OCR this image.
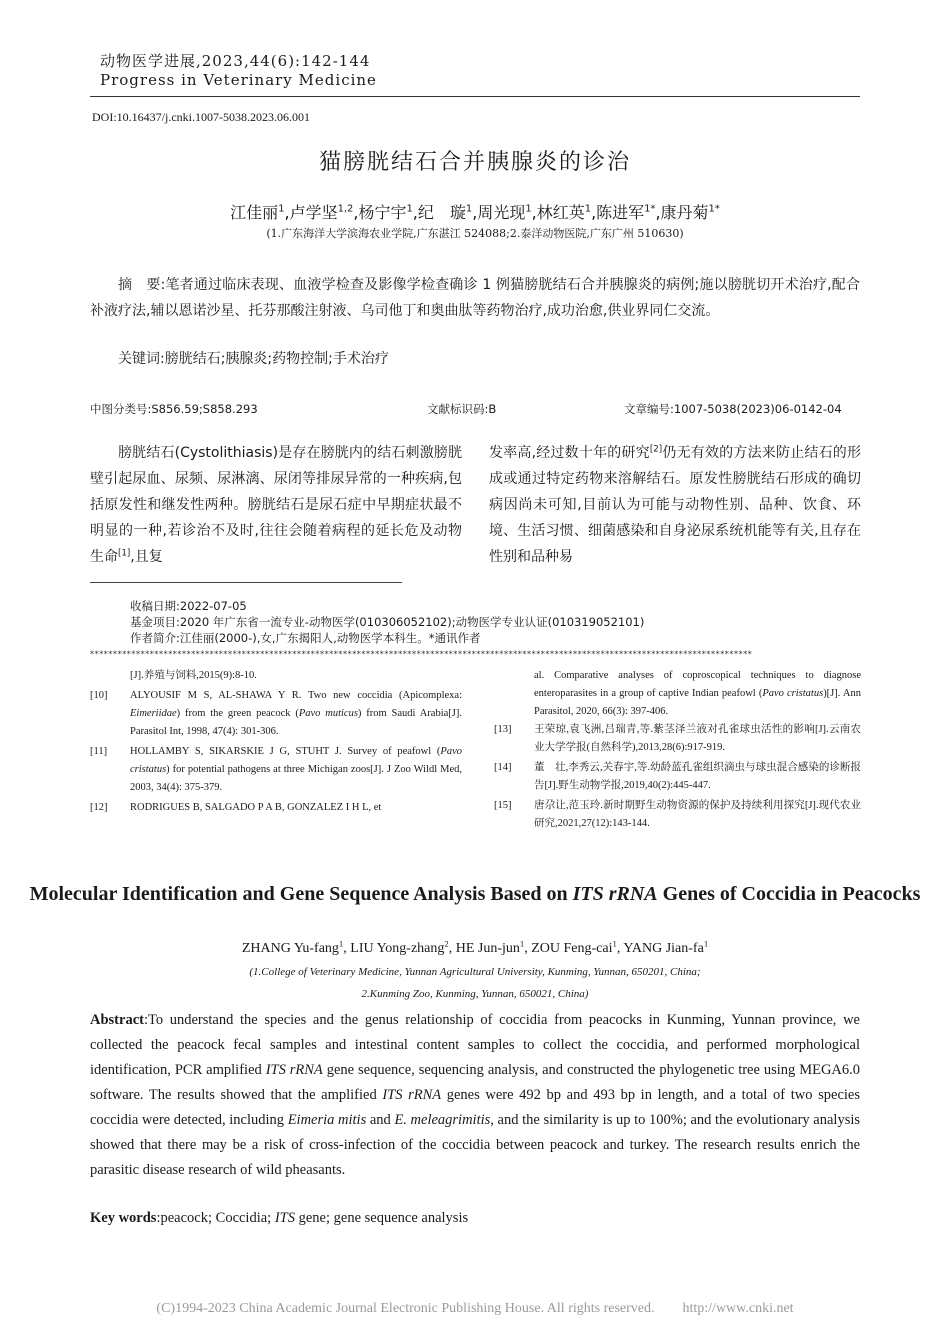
动物医学进展,2023,44(6):142-144
Progress in Veterinary Medicine
DOI:10.16437/j.cnki.1007-5038.2023.06.001
猫膀胱结石合并胰腺炎的诊治
江佳丽$^1$,卢学坚$^{1,2}$,杨宁宇$^1$,纪　璇$^1$,周光现$^1$,林红英$^1$,陈进军$^{1*}$,康丹菊$^{1*}$
(1.广东海洋大学滨海农业学院,广东湛江 524088;2.泰洋动物医院,广东广州 510630)
摘　要:笔者通过临床表现、血液学检查及影像学检查确诊 1 例猫膀胱结石合并胰腺炎的病例;施以膀胱切开术治疗,配合补液疗法,辅以恩诺沙星、托芬那酸注射液、乌司他丁和奥曲肽等药物治疗,成功治愈,供业界同仁交流。
关键词:膀胱结石;胰腺炎;药物控制;手术治疗
中图分类号:S856.59;S858.293	文献标识码:B	文章编号:1007-5038(2023)06-0142-04
膀胱结石(Cystolithiasis)是存在膀胱内的结石刺激膀胱壁引起尿血、尿频、尿淋漓、尿闭等排尿异常的一种疾病,包括原发性和继发性两种。膀胱结石是尿石症中早期症状最不明显的一种,若诊治不及时,往往会随着病程的延长危及动物生命[1],且复
发率高,经过数十年的研究[2]仍无有效的方法来防止结石的形成或通过特定药物来溶解结石。原发性膀胱结石形成的确切病因尚未可知,目前认为可能与动物性别、品种、饮食、环境、生活习惯、细菌感染和自身泌尿系统机能等有关,且存在性别和品种易
收稿日期:2022-07-05
基金项目:2020 年广东省一流专业-动物医学(010306052102);动物医学专业认证(010319052101)
作者简介:江佳丽(2000-),女,广东揭阳人,动物医学本科生。*通讯作者
************************************************************************************************************************************************
[J].养殖与饲料,2015(9):8-10.
[10] ALYOUSIF M S, AL-SHAWA Y R. Two new coccidia (Apicomplexa: Eimeriidae) from the green peacock (Pavo muticus) from Saudi Arabia[J]. Parasitol Int, 1998, 47(4): 301-306.
[11] HOLLAMBY S, SIKARSKIE J G, STUHT J. Survey of peafowl (Pavo cristatus) for potential pathogens at three Michigan zoos[J]. J Zoo Wildl Med, 2003, 34(4): 375-379.
[12] RODRIGUES B, SALGADO P A B, GONZALEZ I H L, et
al. Comparative analyses of coproscopical techniques to diagnose enteroparasites in a group of captive Indian peafowl (Pavo cristatus)[J]. Ann Parasitol, 2020, 66(3): 397-406.
[13] 王荣琼,袁飞洲,吕瑞青,等.紫茎泽兰液对孔雀球虫活性的影响[J].云南农业大学学报(自然科学),2013,28(6):917-919.
[14] 董　壮,李秀云,关春宇,等.幼龄蓝孔雀组织滴虫与球虫混合感染的诊断报告[J].野生动物学报,2019,40(2):445-447.
[15] 唐尕让,范玉玲.新时期野生动物资源的保护及持续利用探究[J].现代农业研究,2021,27(12):143-144.
Molecular Identification and Gene Sequence Analysis Based on ITS rRNA Genes of Coccidia in Peacocks
ZHANG Yu-fang$^1$, LIU Yong-zhang$^2$, HE Jun-jun$^1$, ZOU Feng-cai$^1$, YANG Jian-$fa^1$
(1.College of Veterinary Medicine, Yunnan Agricultural University, Kunming, Yunnan, 650201, China;
2.Kunming Zoo, Kunming, Yunnan, 650021, China)
Abstract:To understand the species and the genus relationship of coccidia from peacocks in Kunming, Yunnan province, we collected the peacock fecal samples and intestinal content samples to collect the coccidia, and performed morphological identification, PCR amplified ITS rRNA gene sequence, sequencing analysis, and constructed the phylogenetic tree using MEGA6.0 software. The results showed that the amplified ITS rRNA genes were 492 bp and 493 bp in length, and a total of two species coccidia were detected, including Eimeria mitis and E. meleagrimitis, and the similarity is up to 100%; and the evolutionary analysis showed that there may be a risk of cross-infection of the coccidia between peacock and turkey. The research results enrich the parasitic disease research of wild pheasants.
Key words:peacock; Coccidia; ITS gene; gene sequence analysis
(C)1994-2023 China Academic Journal Electronic Publishing House. All rights reserved.　　http://www.cnki.net
